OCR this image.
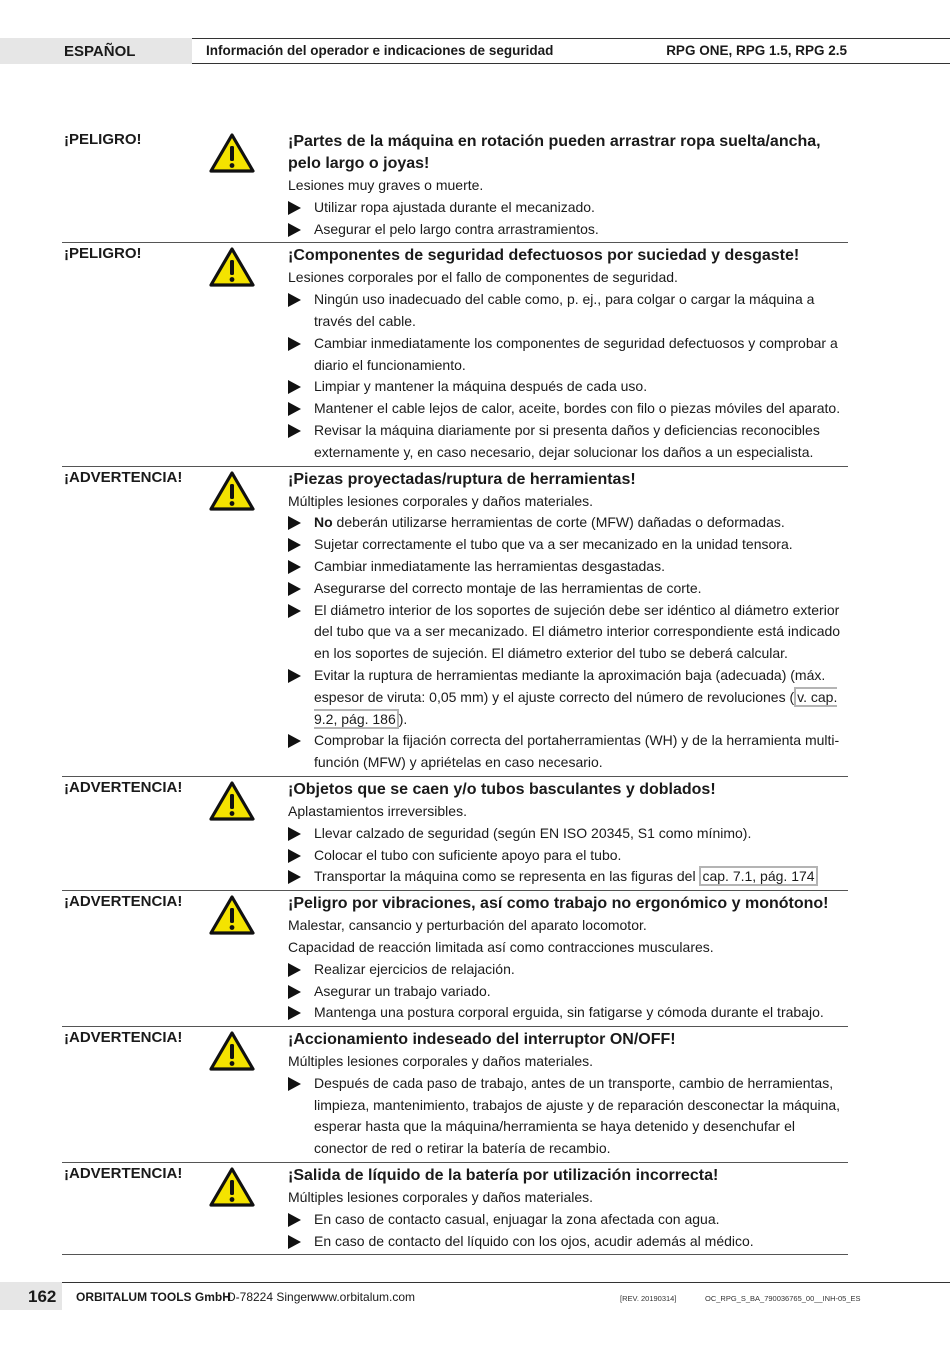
ESPAÑOL	Información del operador e indicaciones de seguridad	RPG ONE, RPG 1.5, RPG 2.5
¡PELIGRO!	¡Partes de la máquina en rotación pueden arrastrar ropa suelta/ancha, pelo largo o joyas!
Lesiones muy graves o muerte.
Utilizar ropa ajustada durante el mecanizado.
Asegurar el pelo largo contra arrastramientos.
¡PELIGRO!	¡Componentes de seguridad defectuosos por suciedad y desgaste!
Lesiones corporales por el fallo de componentes de seguridad.
Ningún uso inadecuado del cable como, p. ej., para colgar o cargar la máquina a través del cable.
Cambiar inmediatamente los componentes de seguridad defectuosos y comprobar a diario el funcionamiento.
Limpiar y mantener la máquina después de cada uso.
Mantener el cable lejos de calor, aceite, bordes con filo o piezas móviles del aparato.
Revisar la máquina diariamente por si presenta daños y deficiencias reconocibles externamente y, en caso necesario, dejar solucionar los daños a un especialista.
¡ADVERTENCIA!	¡Piezas proyectadas/ruptura de herramientas!
Múltiples lesiones corporales y daños materiales.
No deberán utilizarse herramientas de corte (MFW) dañadas o deformadas.
Sujetar correctamente el tubo que va a ser mecanizado en la unidad tensora.
Cambiar inmediatamente las herramientas desgastadas.
Asegurarse del correcto montaje de las herramientas de corte.
El diámetro interior de los soportes de sujeción debe ser idéntico al diámetro exterior del tubo que va a ser mecanizado. El diámetro interior correspondiente está indicado en los soportes de sujeción. El diámetro exterior del tubo se deberá calcular.
Evitar la ruptura de herramientas mediante la aproximación baja (adecuada) (máx. espesor de viruta: 0,05 mm) y el ajuste correcto del número de revoluciones ( v. cap. 9.2, pág. 186 ).
Comprobar la fijación correcta del portaherramientas (WH) y de la herramienta multi-función (MFW) y apriételas en caso necesario.
¡ADVERTENCIA!	¡Objetos que se caen y/o tubos basculantes y doblados!
Aplastamientos irreversibles.
Llevar calzado de seguridad (según EN ISO 20345, S1 como mínimo).
Colocar el tubo con suficiente apoyo para el tubo.
Transportar la máquina como se representa en las figuras del cap. 7.1, pág. 174
¡ADVERTENCIA!	¡Peligro por vibraciones, así como trabajo no ergonómico y monótono!
Malestar, cansancio y perturbación del aparato locomotor.
Capacidad de reacción limitada así como contracciones musculares.
Realizar ejercicios de relajación.
Asegurar un trabajo variado.
Mantenga una postura corporal erguida, sin fatigarse y cómoda durante el trabajo.
¡ADVERTENCIA!	¡Accionamiento indeseado del interruptor ON/OFF!
Múltiples lesiones corporales y daños materiales.
Después de cada paso de trabajo, antes de un transporte, cambio de herramientas, limpieza, mantenimiento, trabajos de ajuste y de reparación desconectar la máquina, esperar hasta que la máquina/herramienta se haya detenido y desenchufar el conector de red o retirar la batería de recambio.
¡ADVERTENCIA!	¡Salida de líquido de la batería por utilización incorrecta!
Múltiples lesiones corporales y daños materiales.
En caso de contacto casual, enjuagar la zona afectada con agua.
En caso de contacto del líquido con los ojos, acudir además al médico.
162 ORBITALUM TOOLS GmbH
D-78224 Singen
www.orbitalum.com	[REV. 20190314]	OC_RPG_S_BA_790036765_00__INH-05_ES
